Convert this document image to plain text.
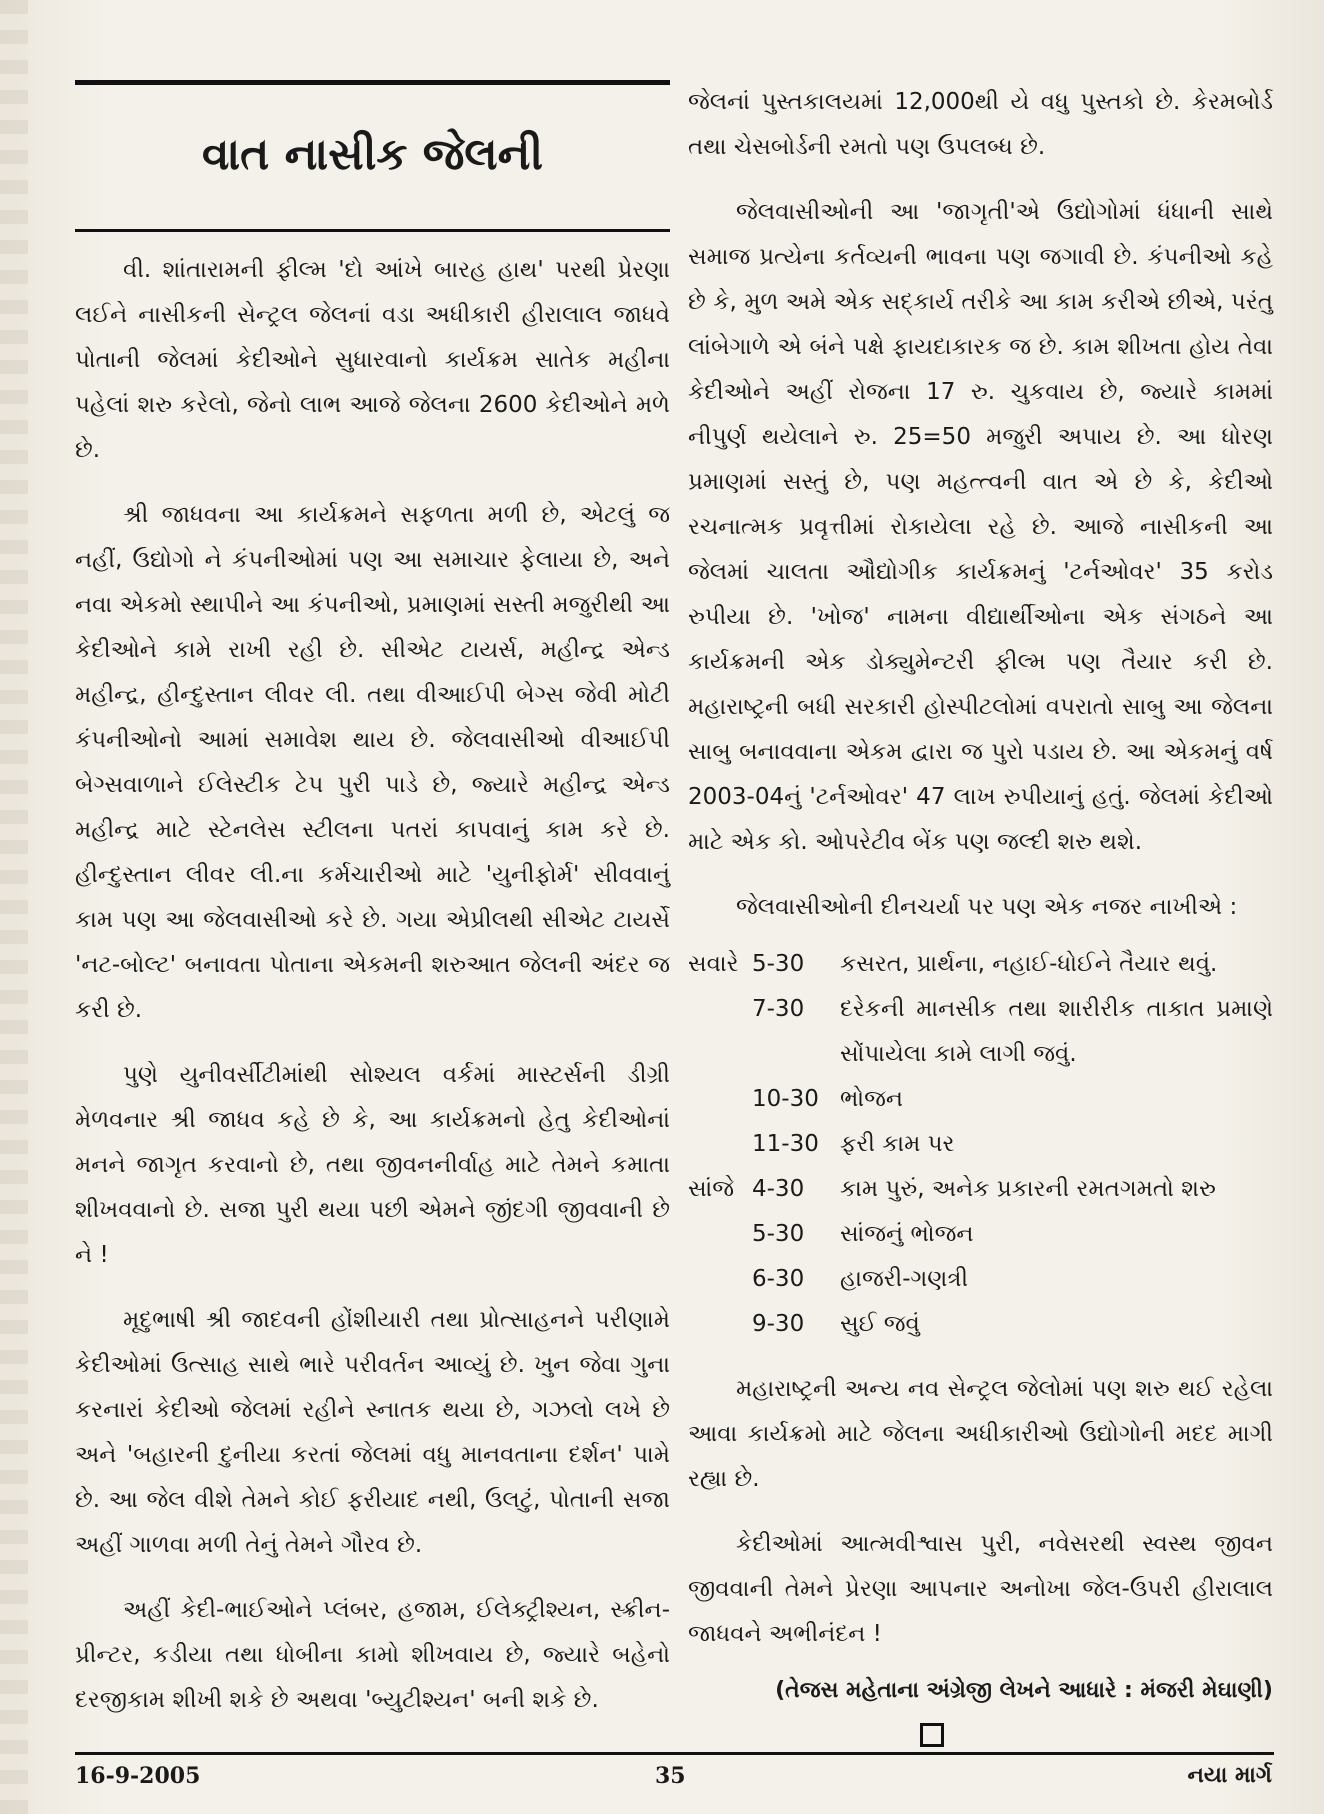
વાત નાસીક જેલની

વી. શાંતારામની ફીલ્મ 'દો આંખે બારહ હાથ' પરથી પ્રેરણા લઈને નાસીકની સેન્ટ્રલ જેલનાં વડા અધીકારી હીરાલાલ જાધવે પોતાની જેલમાં કેદીઓને સુધારવાનો કાર્યક્રમ સાતેક મહીના પહેલાં શરુ કરેલો, જેનો લાભ આજે જેલના 2600 કેદીઓને મળે છે.

શ્રી જાધવના આ કાર્યક્રમને સફળતા મળી છે, એટલું જ નહીં, ઉદ્યોગો ને કંપનીઓમાં પણ આ સમાચાર ફેલાયા છે, અને નવા એકમો સ્થાપીને આ કંપનીઓ, પ્રમાણમાં સસ્તી મજુરીથી આ કેદીઓને કામે રાખી રહી છે. સીએટ ટાયર્સ, મહીન્દ્ર એન્ડ મહીન્દ્ર, હીન્દુસ્તાન લીવર લી. તથા વીઆઈપી બેગ્સ જેવી મોટી કંપનીઓનો આમાં સમાવેશ થાય છે. જેલવાસીઓ વીઆઈપી બેગ્સવાળાને ઈલેસ્ટીક ટેપ પુરી પાડે છે, જ્યારે મહીન્દ્ર એન્ડ મહીન્દ્ર માટે સ્ટેનલેસ સ્ટીલના પતરાં કાપવાનું કામ કરે છે. હીન્દુસ્તાન લીવર લી.ના કર્મચારીઓ માટે 'યુનીફોર્મ' સીવવાનું કામ પણ આ જેલવાસીઓ કરે છે. ગયા એપ્રીલથી સીએટ ટાયર્સે 'નટ-બોલ્ટ' બનાવતા પોતાના એકમની શરુઆત જેલની અંદર જ કરી છે.

પુણે યુનીવર્સીટીમાંથી સોશ્યલ વર્કમાં માસ્ટર્સની ડીગ્રી મેળવનાર શ્રી જાધવ કહે છે કે, આ કાર્યક્રમનો હેતુ કેદીઓનાં મનને જાગૃત કરવાનો છે, તથા જીવનનીર્વાહ માટે તેમને કમાતા શીખવવાનો છે. સજા પુરી થયા પછી એમને જીંદગી જીવવાની છે ને !

મૃદુભાષી શ્રી જાદવની હોંશીયારી તથા પ્રોત્સાહનને પરીણામે કેદીઓમાં ઉત્સાહ સાથે ભારે પરીવર્તન આવ્યું છે. ખુન જેવા ગુના કરનારાં કેદીઓ જેલમાં રહીને સ્નાતક થયા છે, ગઝલો લખે છે અને 'બહારની દુનીયા કરતાં જેલમાં વધુ માનવતાના દર્શન' પામે છે. આ જેલ વીશે તેમને કોઈ ફરીયાદ નથી, ઉલટું, પોતાની સજા અહીં ગાળવા મળી તેનું તેમને ગૌરવ છે.

અહીં કેદી-ભાઈઓને પ્લંબર, હજામ, ઈલેક્ટ્રીશ્યન, સ્ક્રીન-પ્રીન્ટર, કડીયા તથા ધોબીના કામો શીખવાય છે, જ્યારે બહેનો દરજીકામ શીખી શકે છે અથવા 'બ્યુટીશ્યન' બની શકે છે.

જેલનાં પુસ્તકાલયમાં 12,000થી યે વધુ પુસ્તકો છે. કેરમબોર્ડ તથા ચેસબોર્ડની રમતો પણ ઉપલબ્ધ છે.

જેલવાસીઓની આ 'જાગૃતી'એ ઉદ્યોગોમાં ધંધાની સાથે સમાજ પ્રત્યેના કર્તવ્યની ભાવના પણ જગાવી છે. કંપનીઓ કહે છે કે, મુળ અમે એક સદ્કાર્ય તરીકે આ કામ કરીએ છીએ, પરંતુ લાંબેગાળે એ બંને પક્ષે ફાયદાકારક જ છે. કામ શીખતા હોય તેવા કેદીઓને અહીં રોજના 17 રુ. ચુકવાય છે, જ્યારે કામમાં નીપુર્ણ થયેલાને રુ. 25=50 મજુરી અપાય છે. આ ધોરણ પ્રમાણમાં સસ્તું છે, પણ મહત્ત્વની વાત એ છે કે, કેદીઓ રચનાત્મક પ્રવૃત્તીમાં રોકાયેલા રહે છે. આજે નાસીકની આ જેલમાં ચાલતા ઔદ્યોગીક કાર્યક્રમનું 'ટર્નઓવર' 35 કરોડ રુપીયા છે. 'ખોજ' નામના વીદ્યાર્થીઓના એક સંગઠને આ કાર્યક્રમની એક ડોક્યુમેન્ટરી ફીલ્મ પણ તૈયાર કરી છે. મહારાષ્ટ્રની બધી સરકારી હોસ્પીટલોમાં વપરાતો સાબુ આ જેલના સાબુ બનાવવાના એકમ દ્વારા જ પુરો પડાય છે. આ એકમનું વર્ષ 2003-04નું 'ટર્નઓવર' 47 લાખ રુપીયાનું હતું. જેલમાં કેદીઓ માટે એક કો. ઓપરેટીવ બેંક પણ જલ્દી શરુ થશે.

જેલવાસીઓની દીનચર્યા પર પણ એક નજર નાખીએ :

સવારે 5-30	કસરત, પ્રાર્થના, નહાઈ-ધોઈને તૈયાર થવું.
7-30	દરેકની માનસીક તથા શારીરીક તાકાત પ્રમાણે સોંપાયેલા કામે લાગી જવું.
10-30 ભોજન
11-30 ફરી કામ પર
સાંજે 4-30	કામ પુરું, અનેક પ્રકારની રમતગમતો શરુ
5-30	સાંજનું ભોજન
6-30	હાજરી-ગણત્રી
9-30	સુઈ જવું

મહારાષ્ટ્રની અન્ય નવ સેન્ટ્રલ જેલોમાં પણ શરુ થઈ રહેલા આવા કાર્યક્રમો માટે જેલના અધીકારીઓ ઉદ્યોગોની મદદ માગી રહ્યા છે.

કેદીઓમાં આત્મવીશ્વાસ પુરી, નવેસરથી સ્વસ્થ જીવન જીવવાની તેમને પ્રેરણા આપનાર અનોખા જેલ-ઉપરી હીરાલાલ જાધવને અભીનંદન !

(તેજસ મહેતાના અંગ્રેજી લેખને આધારે : મંજરી મેઘાણી)
16-9-2005	35	નયા માર્ગ
